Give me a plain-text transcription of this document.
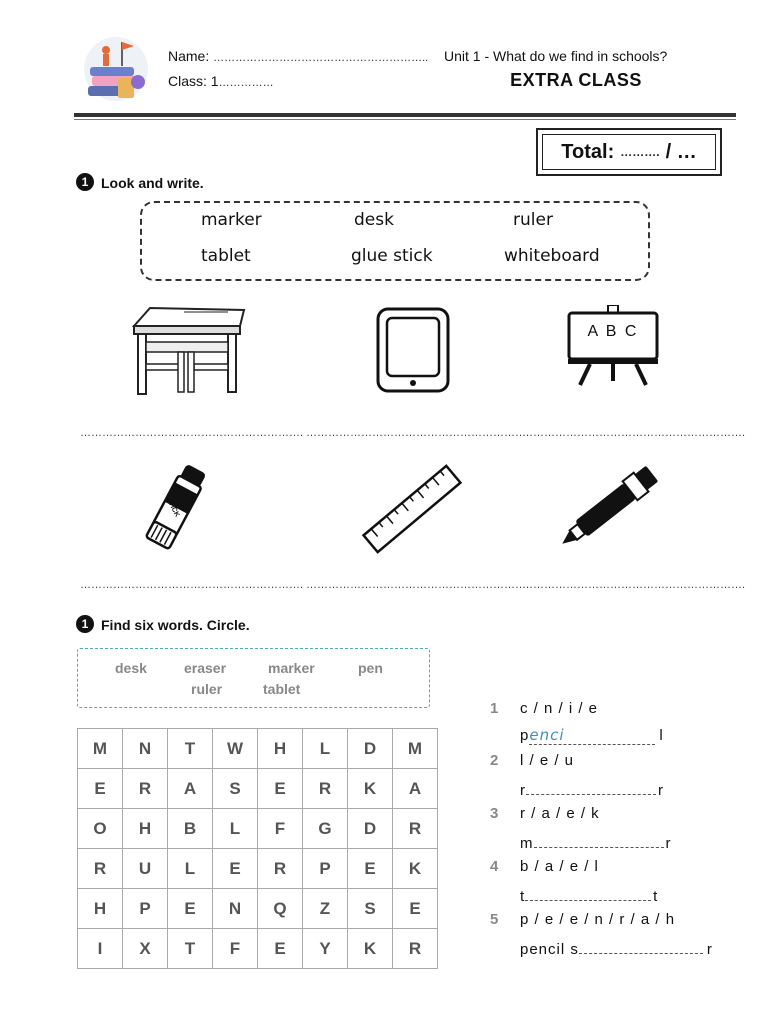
Name: …………………………………………………..
Class: 1……………
Unit 1 - What do we find in schools?
EXTRA CLASS
Total: ………. / …
1 Look and write.
marker	desk	ruler
tablet	glue stick	whiteboard
A B C
……………………………………………………. …………………………………………………….
…………………………………………………….
STICK
……………………………………………………. …………………………………………………….
…………………………………………………….
1 Find six words. Circle.
desk	eraser	marker	pen
ruler	tablet
M	N	T	W	H	L	D	M
E	R	A	S	E	R	K	A
O	H	B	L	F	G	D	R
R	U	L	E	R	P	E	K
H	P	E	N	Q	Z	S	E
I	X	T	F	E	Y	K	R
1 c / n / i / e
penci	l
2 l / e / u
r	r
3 r / a / e / k
m	r
4 b / a / e / l
t	t
5 p / e / e / n / r / a / h
pencil s	r
